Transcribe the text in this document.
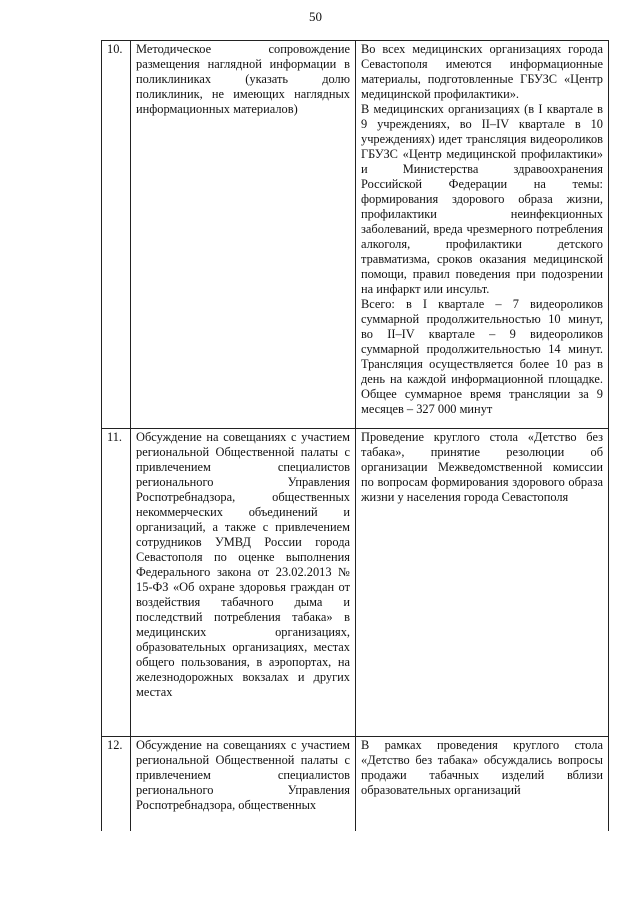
50
10.	Методическое сопровождение размещения наглядной информации в поликлиниках (указать долю поликлиник, не имеющих наглядных информационных материалов)	Во всех медицинских организациях города Севастополя имеются информационные материалы, подготовленные ГБУЗС «Центр медицинской профилактики».

В медицинских организациях (в I квартале в 9 учреждениях, во II–IV квартале в 10 учреждениях) идет трансляция видеороликов ГБУЗС «Центр медицинской профилактики» и Министерства здравоохранения Российской Федерации на темы: формирования здорового образа жизни, профилактики неинфекционных заболеваний, вреда чрезмерного потребления алкоголя, профилактики детского травматизма, сроков оказания медицинской помощи, правил поведения при подозрении на инфаркт или инсульт.

Всего: в I квартале – 7 видеороликов суммарной продолжительностью 10 минут, во II–IV квартале – 9 видеороликов суммарной продолжительностью 14 минут. Трансляция осуществляется более 10 раз в день на каждой информационной площадке. Общее суммарное время трансляции за 9 месяцев – 327 000 минут

11.	Обсуждение на совещаниях с участием региональной Общественной палаты с привлечением специалистов регионального Управления Роспотребнадзора, общественных некоммерческих объединений и организаций, а также с привлечением сотрудников УМВД России города Севастополя по оценке выполнения Федерального закона от 23.02.2013 № 15-ФЗ «Об охране здоровья граждан от воздействия табачного дыма и последствий потребления табака» в медицинских организациях, образовательных организациях, местах общего пользования, в аэропортах, на железнодорожных вокзалах и других местах	Проведение круглого стола «Детство без табака», принятие резолюции об организации Межведомственной комиссии по вопросам формирования здорового образа жизни у населения города Севастополя

12.	Обсуждение на совещаниях с участием региональной Общественной палаты с привлечением специалистов регионального Управления Роспотребнадзора, общественных	В рамках проведения круглого стола «Детство без табака» обсуждались вопросы продажи табачных изделий вблизи образовательных организаций
